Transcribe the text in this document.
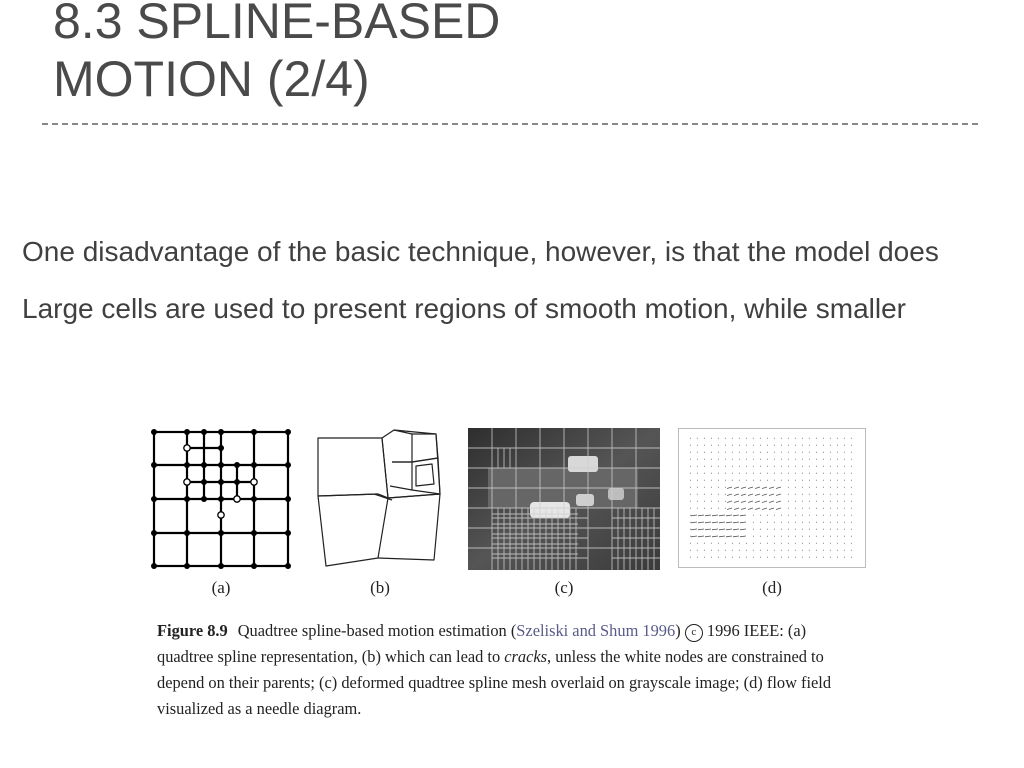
8.3 SPLINE-BASED
MOTION (2/4)

One disadvantage of the basic technique, however, is that the model does

Large cells are used to present regions of smooth motion, while smaller

(a)	(b)	(c)	(d)

Figure 8.9 Quadtree spline-based motion estimation (Szeliski and Shum 1996) c 1996 IEEE: (a) quadtree spline representation, (b) which can lead to cracks, unless the white nodes are constrained to depend on their parents; (c) deformed quadtree spline mesh overlaid on grayscale image; (d) flow field visualized as a needle diagram.
